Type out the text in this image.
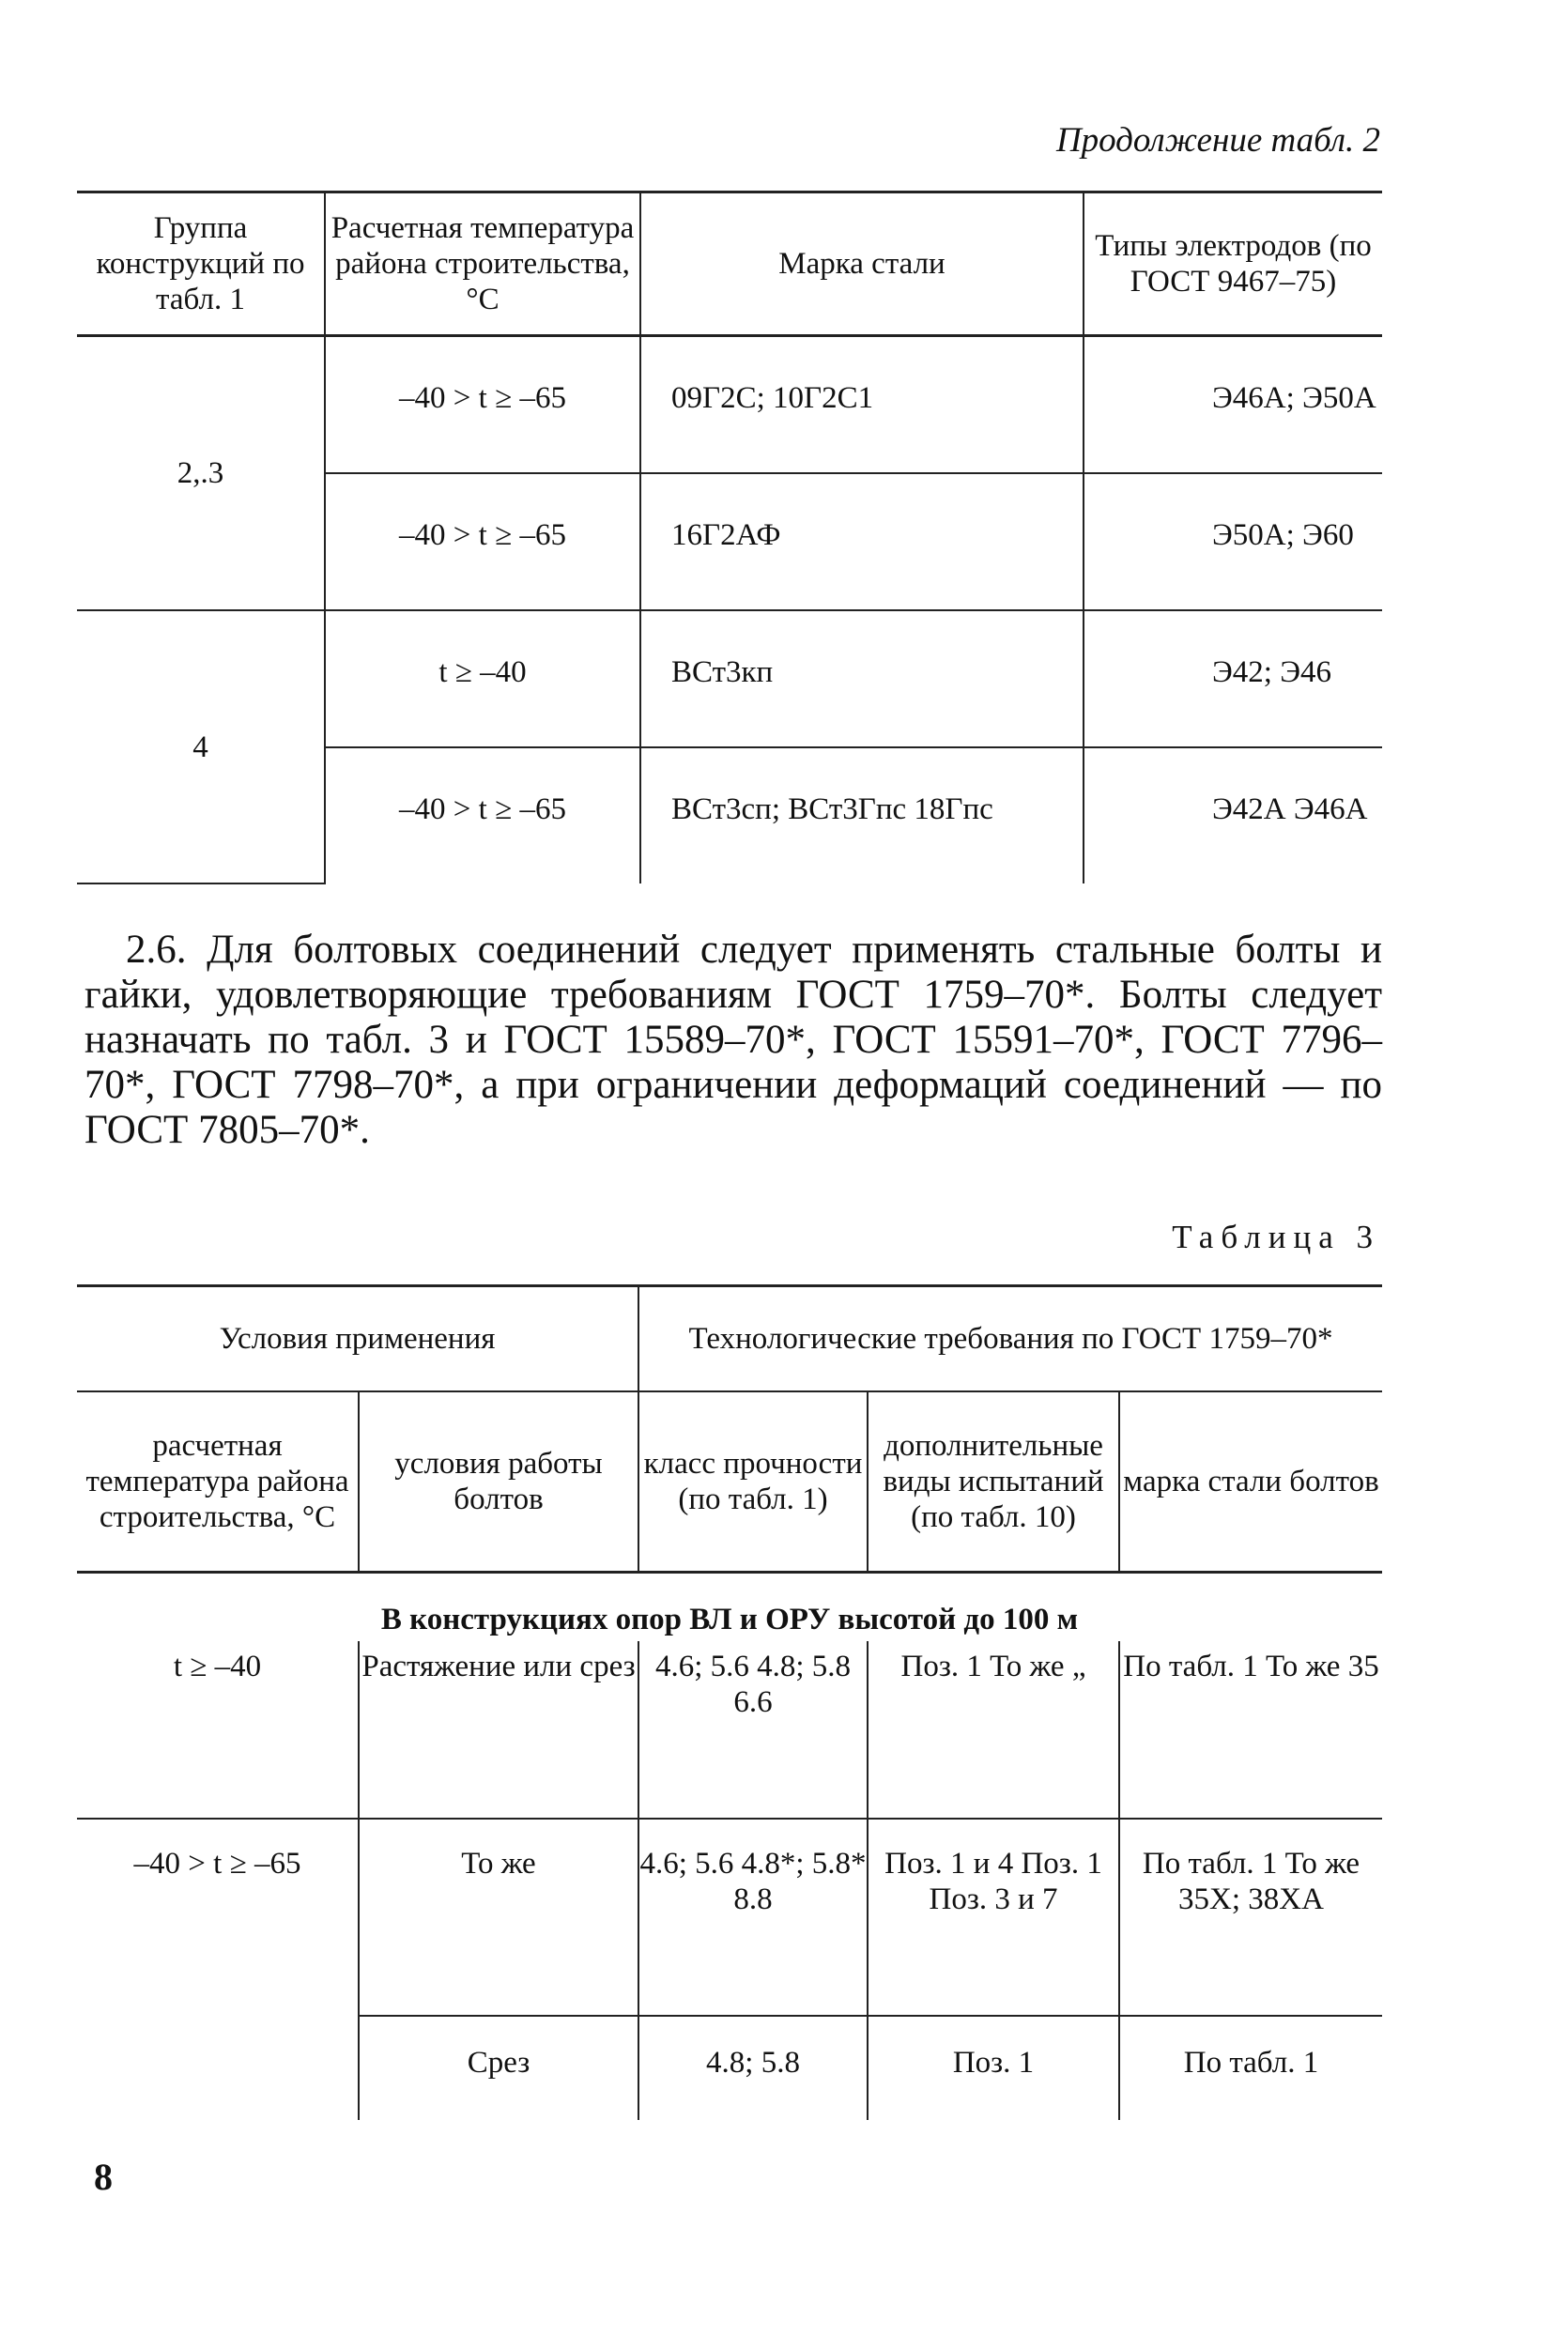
Продолжение табл. 2
Группа конструкций по табл. 1	Расчетная температура района строительства, °С	Марка стали	Типы электродов (по ГОСТ 9467–75)
2,.3	–40 > t ≥ –65	09Г2С; 10Г2С1	Э46А; Э50А
	–40 > t ≥ –65	16Г2АФ	Э50А; Э60
4	t ≥ –40	ВСт3кп	Э42; Э46
	–40 > t ≥ –65	ВСт3сп; ВСт3Гпс 18Гпс	Э42А Э46А

2.6. Для болтовых соединений следует применять стальные болты и гайки, удовлетворяющие требованиям ГОСТ 1759–70*. Болты следует назначать по табл. 3 и ГОСТ 15589–70*, ГОСТ 15591–70*, ГОСТ 7796–70*, ГОСТ 7798–70*, а при ограничении деформаций соединений — по ГОСТ 7805–70*.

Таблица 3
Условия применения		Технологические требования по ГОСТ 1759–70*		
расчетная температура района строительства, °С	условия работы болтов	класс прочности (по табл. 1)	дополнительные виды испытаний (по табл. 10)	марка стали болтов
В конструкциях опор ВЛ и ОРУ высотой до 100 м				
t ≥ –40	Растяжение или срез	4.6; 5.6 4.8; 5.8 6.6	Поз. 1 То же „	По табл. 1 То же 35
–40 > t ≥ –65	То же	4.6; 5.6 4.8*; 5.8* 8.8	Поз. 1 и 4 Поз. 1 Поз. 3 и 7	По табл. 1 То же 35Х; 38ХА
	Срез	4.8; 5.8	Поз. 1	По табл. 1
8
